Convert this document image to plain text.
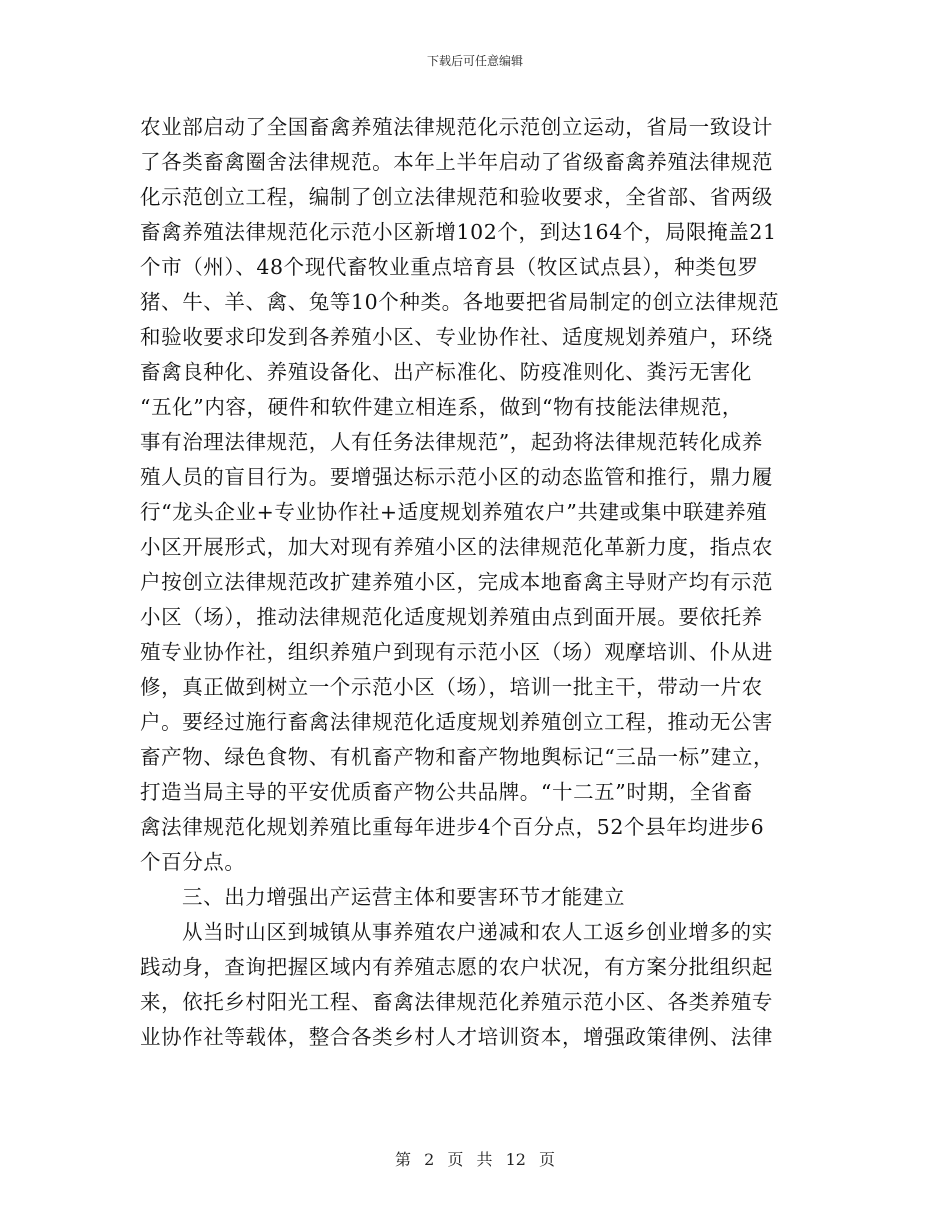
下载后可任意编辑
农业部启动了全国畜禽养殖法律规范化示范创立运动，省局一致设计
了各类畜禽圈舍法律规范。本年上半年启动了省级畜禽养殖法律规范
化示范创立工程，编制了创立法律规范和验收要求，全省部、省两级
畜禽养殖法律规范化示范小区新增102个，到达164个，局限掩盖21
个市（州）、48个现代畜牧业重点培育县（牧区试点县），种类包罗
猪、牛、羊、禽、兔等10个种类。各地要把省局制定的创立法律规范
和验收要求印发到各养殖小区、专业协作社、适度规划养殖户，环绕
畜禽良种化、养殖设备化、出产标准化、防疫准则化、粪污无害化
“五化”内容，硬件和软件建立相连系，做到“物有技能法律规范，
事有治理法律规范，人有任务法律规范”，起劲将法律规范转化成养
殖人员的盲目行为。要增强达标示范小区的动态监管和推行，鼎力履
行“龙头企业+专业协作社+适度规划养殖农户”共建或集中联建养殖
小区开展形式，加大对现有养殖小区的法律规范化革新力度，指点农
户按创立法律规范改扩建养殖小区，完成本地畜禽主导财产均有示范
小区（场），推动法律规范化适度规划养殖由点到面开展。要依托养
殖专业协作社，组织养殖户到现有示范小区（场）观摩培训、仆从进
修，真正做到树立一个示范小区（场），培训一批主干，带动一片农
户。要经过施行畜禽法律规范化适度规划养殖创立工程，推动无公害
畜产物、绿色食物、有机畜产物和畜产物地舆标记“三品一标”建立，
打造当局主导的平安优质畜产物公共品牌。“十二五”时期，全省畜
禽法律规范化规划养殖比重每年进步4个百分点，52个县年均进步6
个百分点。
三、出力增强出产运营主体和要害环节才能建立
从当时山区到城镇从事养殖农户递减和农人工返乡创业增多的实
践动身，查询把握区域内有养殖志愿的农户状况，有方案分批组织起
来，依托乡村阳光工程、畜禽法律规范化养殖示范小区、各类养殖专
业协作社等载体，整合各类乡村人才培训资本，增强政策律例、法律
第 2 页 共 12 页
